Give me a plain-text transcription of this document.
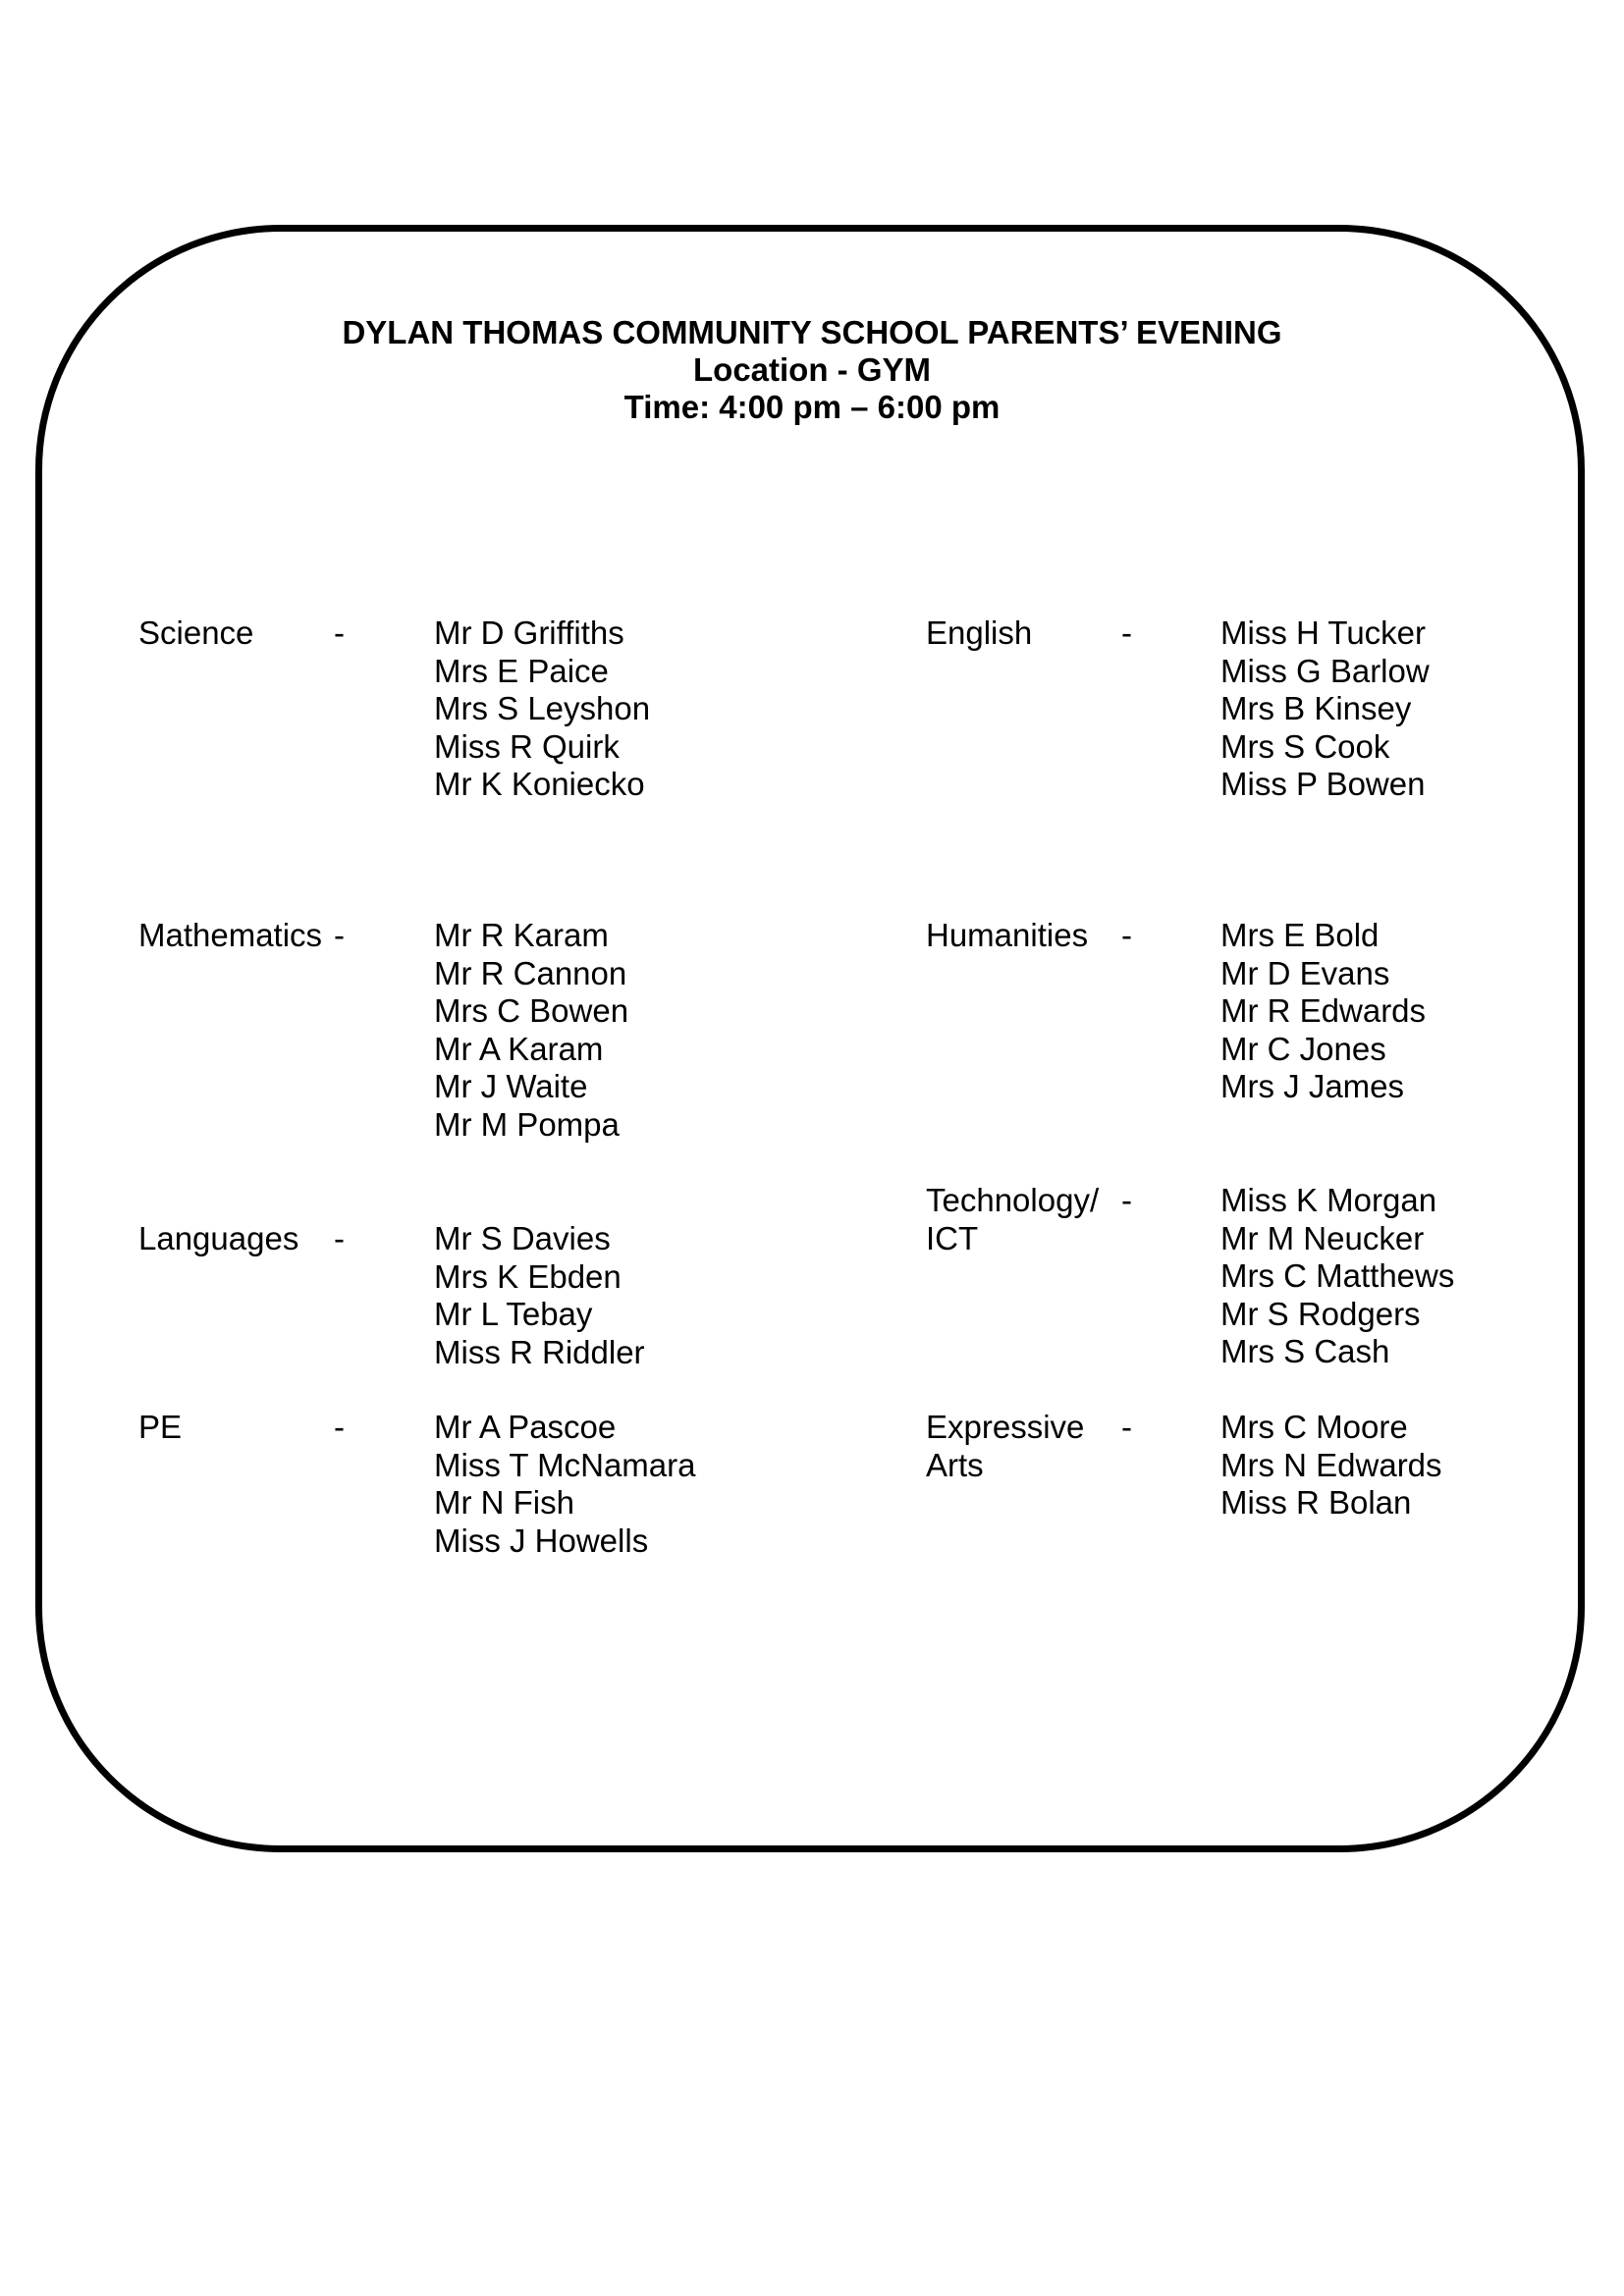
DYLAN THOMAS COMMUNITY SCHOOL PARENTS’ EVENING
Location - GYM
Time: 4:00 pm – 6:00 pm
Science -	Mr D Griffiths
Mrs E Paice
Mrs S Leyshon
Miss R Quirk
Mr K Koniecko
Mathematics -	Mr R Karam
Mr R Cannon
Mrs C Bowen
Mr A Karam
Mr J Waite
Mr M Pompa
Languages -	Mr S Davies
Mrs K Ebden
Mr L Tebay
Miss R Riddler
PE	-	Mr A Pascoe
Miss T McNamara
Mr N Fish
Miss J Howells
English	-	Miss H Tucker
Miss G Barlow
Mrs B Kinsey
Mrs S Cook
Miss P Bowen
Humanities -	Mrs E Bold
Mr D Evans
Mr R Edwards
Mr C Jones
Mrs J James
Technology/
ICT
-	Miss K Morgan
Mr M Neucker
Mrs C Matthews
Mr S Rodgers
Mrs S Cash
Expressive
Arts
-	Mrs C Moore
Mrs N Edwards
Miss R Bolan
